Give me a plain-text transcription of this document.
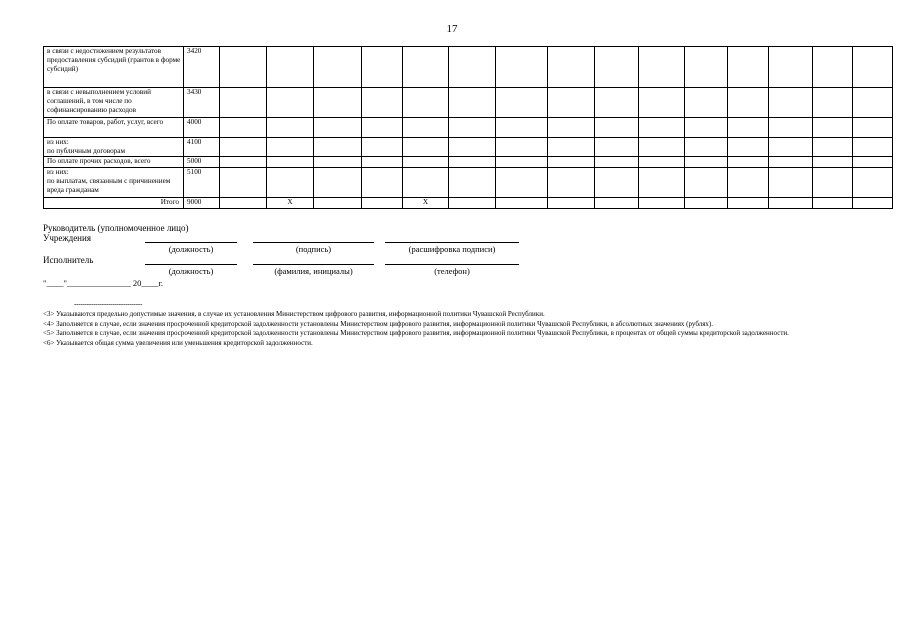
17
в связи с недостижением результатов предоставления субсидий (грантов в форме субсидий)	3420															
в связи с невыполнением условий соглашений, в том числе по софинансированию расходов	3430															
По оплате товаров, работ, услуг, всего	4000															
из них:
по публичным договорам	4100															
По оплате прочих расходов, всего	5000															
из них:
по выплатам, связанным с причинением вреда гражданам	5100															
Итого	9000		X			X										
Руководитель (уполномоченное лицо)
Учреждения
(должность)	(подпись)	(расшифровка подписи)
Исполнитель
(должность)	(фамилия, инициалы)	(телефон)
"____"_______________ 20____г.
--------------------------------

<3> Указываются предельно допустимые значения, в случае их установления Министерством цифрового развития, информационной политики Чувашской Республики.

<4> Заполняется в случае, если значения просроченной кредиторской задолженности установлены Министерством цифрового развития, информационной политики Чувашской Республики, в абсолютных значениях (рублях).

<5> Заполняется в случае, если значения просроченной кредиторской задолженности установлены Министерством цифрового развития, информационной политики Чувашской Республики, в процентах от общей суммы кредиторской задолженности.

<6> Указывается общая сумма увеличения или уменьшения кредиторской задолженности.
